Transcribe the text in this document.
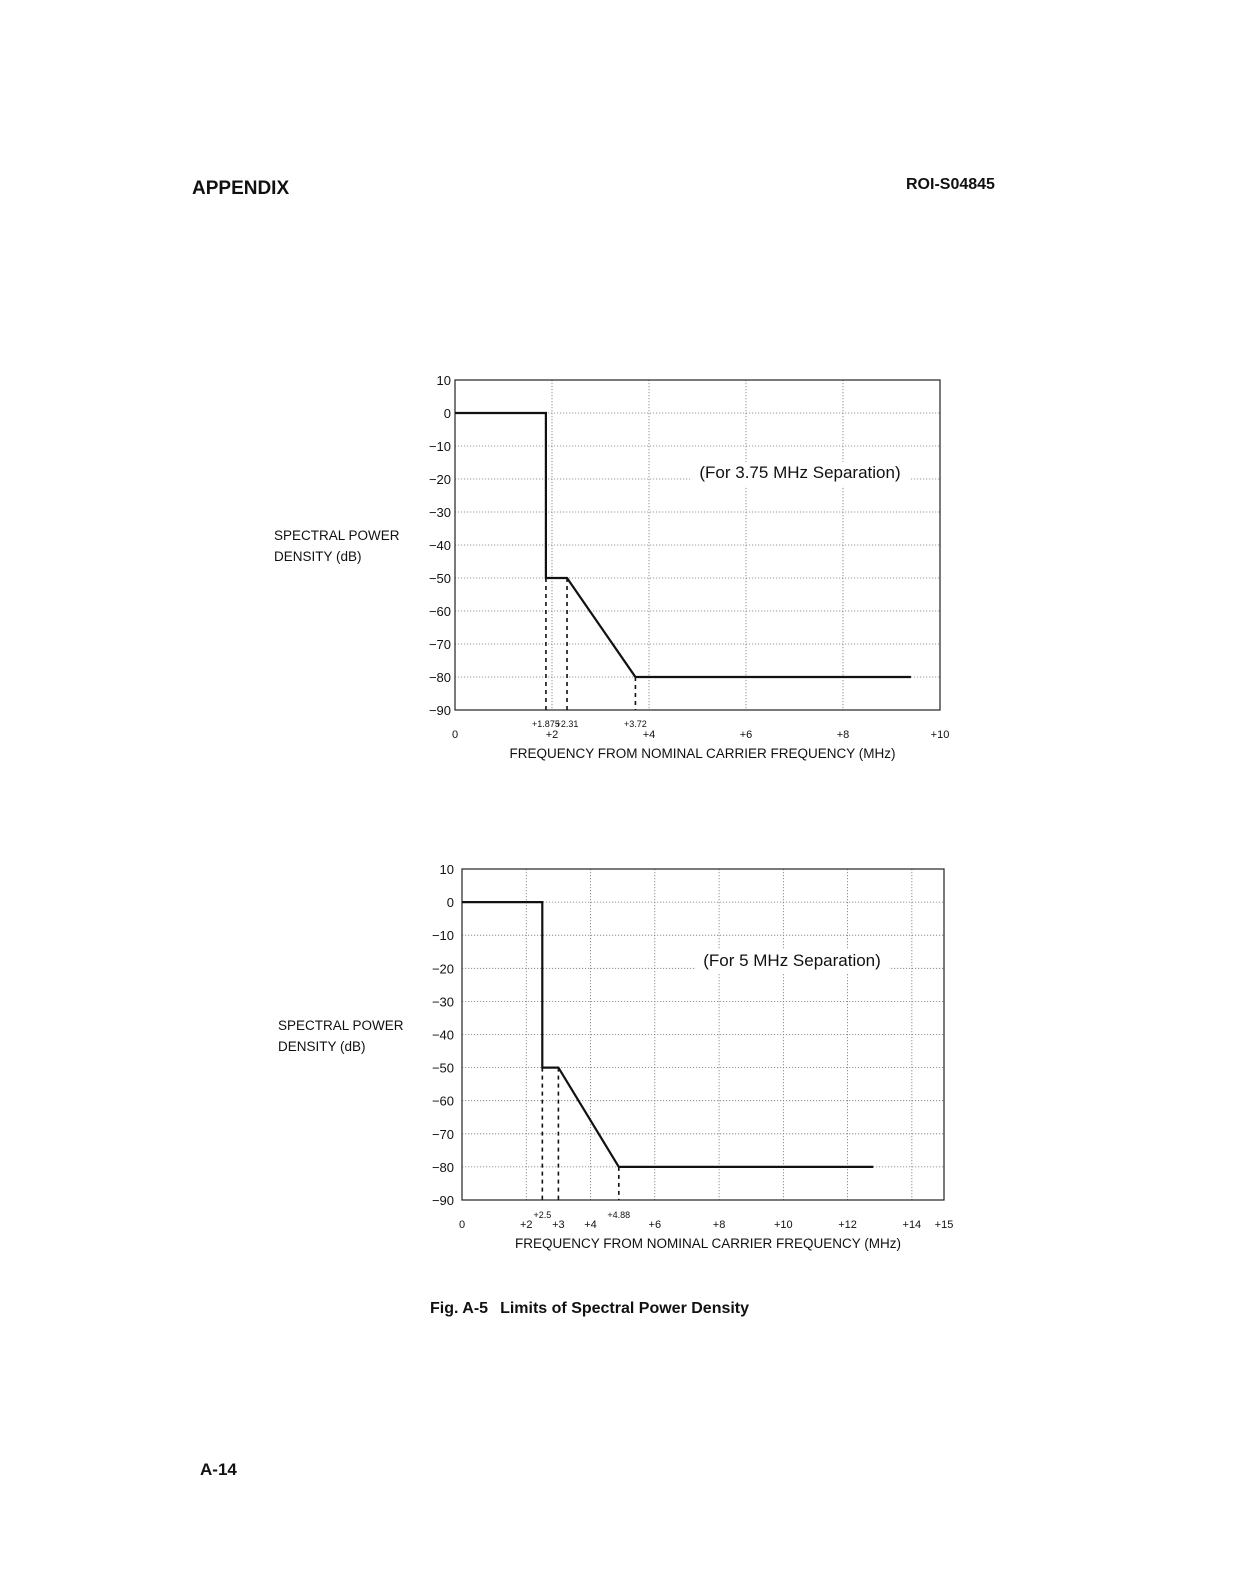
APPENDIX	ROI-S04845
SPECTRAL POWER
DENSITY (dB)
SPECTRAL POWER
DENSITY (dB)
10
0
−10
−20
−30
−40
−50
−60
−70
−80
−90
+1.875
+2.31	+3.72
0	+2	+4	+6	+8	+10
FREQUENCY FROM NOMINAL CARRIER FREQUENCY (MHz)
(For 3.75 MHz Separation)
10
0
−10
−20
−30
−40
−50
−60
−70
−80
−90
+2.5	+4.88
0	+2 +3 +4	+6	+8	+10	+12	+14 +15
FREQUENCY FROM NOMINAL CARRIER FREQUENCY (MHz)
(For 5 MHz Separation)
Fig. A-5 Limits of Spectral Power Density
A-14
